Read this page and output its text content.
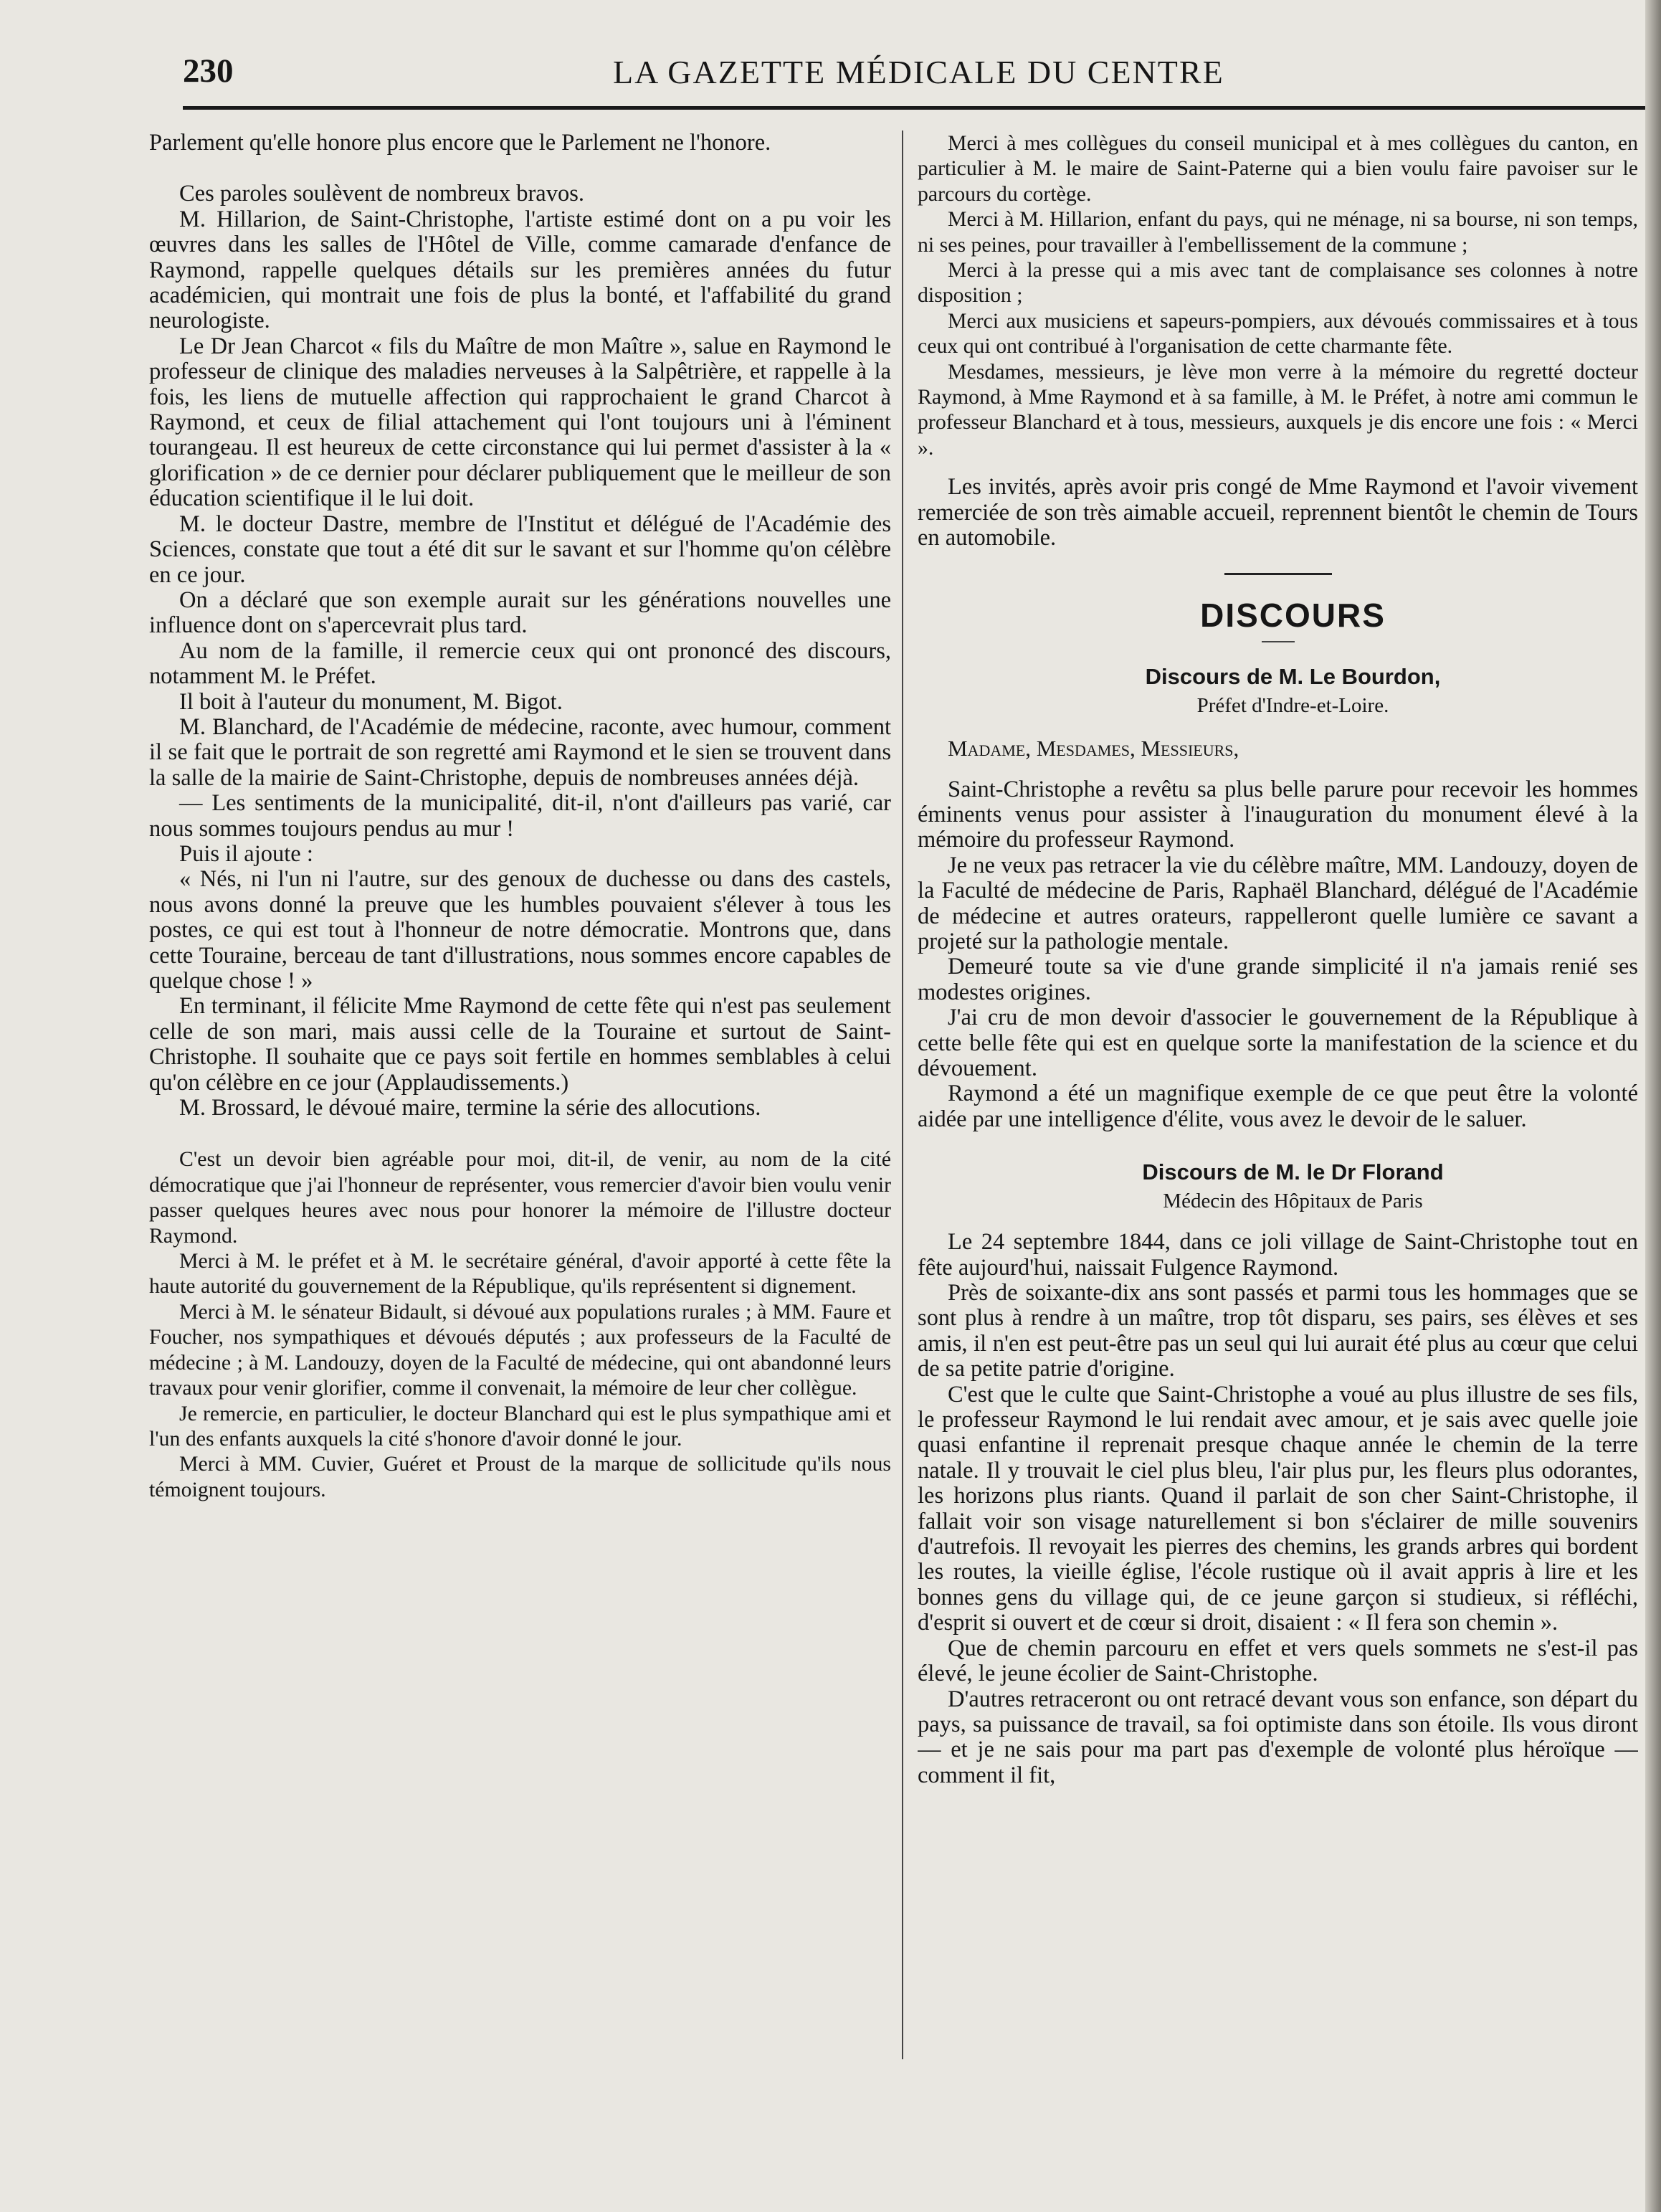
230	LA GAZETTE MÉDICALE DU CENTRE

Parlement qu'elle honore plus encore que le Parlement ne l'honore.

Ces paroles soulèvent de nombreux bravos.

M. Hillarion, de Saint-Christophe, l'artiste estimé dont on a pu voir les œuvres dans les salles de l'Hôtel de Ville, comme camarade d'enfance de Raymond, rappelle quelques détails sur les premières années du futur académicien, qui montrait une fois de plus la bonté, et l'affabilité du grand neurologiste.

Le Dr Jean Charcot « fils du Maître de mon Maître », salue en Raymond le professeur de clinique des maladies nerveuses à la Salpêtrière, et rappelle à la fois, les liens de mutuelle affection qui rapprochaient le grand Charcot à Raymond, et ceux de filial attachement qui l'ont toujours uni à l'éminent tourangeau. Il est heureux de cette circonstance qui lui permet d'assister à la « glorification » de ce dernier pour déclarer publiquement que le meilleur de son éducation scientifique il le lui doit.

M. le docteur Dastre, membre de l'Institut et délégué de l'Académie des Sciences, constate que tout a été dit sur le savant et sur l'homme qu'on célèbre en ce jour.

On a déclaré que son exemple aurait sur les générations nouvelles une influence dont on s'apercevrait plus tard.

Au nom de la famille, il remercie ceux qui ont prononcé des discours, notamment M. le Préfet.

Il boit à l'auteur du monument, M. Bigot.

M. Blanchard, de l'Académie de médecine, raconte, avec humour, comment il se fait que le portrait de son regretté ami Raymond et le sien se trouvent dans la salle de la mairie de Saint-Christophe, depuis de nombreuses années déjà.

— Les sentiments de la municipalité, dit-il, n'ont d'ailleurs pas varié, car nous sommes toujours pendus au mur !

Puis il ajoute :

« Nés, ni l'un ni l'autre, sur des genoux de duchesse ou dans des castels, nous avons donné la preuve que les humbles pouvaient s'élever à tous les postes, ce qui est tout à l'honneur de notre démocratie. Montrons que, dans cette Touraine, berceau de tant d'illustrations, nous sommes encore capables de quelque chose ! »

En terminant, il félicite Mme Raymond de cette fête qui n'est pas seulement celle de son mari, mais aussi celle de la Touraine et surtout de Saint-Christophe. Il souhaite que ce pays soit fertile en hommes semblables à celui qu'on célèbre en ce jour (Applaudissements.)

M. Brossard, le dévoué maire, termine la série des allocutions.

C'est un devoir bien agréable pour moi, dit-il, de venir, au nom de la cité démocratique que j'ai l'honneur de représenter, vous remercier d'avoir bien voulu venir passer quelques heures avec nous pour honorer la mémoire de l'illustre docteur Raymond.

Merci à M. le préfet et à M. le secrétaire général, d'avoir apporté à cette fête la haute autorité du gouvernement de la République, qu'ils représentent si dignement.

Merci à M. le sénateur Bidault, si dévoué aux populations rurales ; à MM. Faure et Foucher, nos sympathiques et dévoués députés ; aux professeurs de la Faculté de médecine ; à M. Landouzy, doyen de la Faculté de médecine, qui ont abandonné leurs travaux pour venir glorifier, comme il convenait, la mémoire de leur cher collègue.

Je remercie, en particulier, le docteur Blanchard qui est le plus sympathique ami et l'un des enfants auxquels la cité s'honore d'avoir donné le jour.

Merci à MM. Cuvier, Guéret et Proust de la marque de sollicitude qu'ils nous témoignent toujours.

Merci à mes collègues du conseil municipal et à mes collègues du canton, en particulier à M. le maire de Saint-Paterne qui a bien voulu faire pavoiser sur le parcours du cortège.

Merci à M. Hillarion, enfant du pays, qui ne ménage, ni sa bourse, ni son temps, ni ses peines, pour travailler à l'embellissement de la commune ;

Merci à la presse qui a mis avec tant de complaisance ses colonnes à notre disposition ;

Merci aux musiciens et sapeurs-pompiers, aux dévoués commissaires et à tous ceux qui ont contribué à l'organisation de cette charmante fête.

Mesdames, messieurs, je lève mon verre à la mémoire du regretté docteur Raymond, à Mme Raymond et à sa famille, à M. le Préfet, à notre ami commun le professeur Blanchard et à tous, messieurs, auxquels je dis encore une fois : « Merci ».

Les invités, après avoir pris congé de Mme Raymond et l'avoir vivement remerciée de son très aimable accueil, reprennent bientôt le chemin de Tours en automobile.

DISCOURS

Discours de M. Le Bourdon,

Préfet d'Indre-et-Loire.

Madame, Mesdames, Messieurs,

Saint-Christophe a revêtu sa plus belle parure pour recevoir les hommes éminents venus pour assister à l'inauguration du monument élevé à la mémoire du professeur Raymond.

Je ne veux pas retracer la vie du célèbre maître, MM. Landouzy, doyen de la Faculté de médecine de Paris, Raphaël Blanchard, délégué de l'Académie de médecine et autres orateurs, rappelleront quelle lumière ce savant a projeté sur la pathologie mentale.

Demeuré toute sa vie d'une grande simplicité il n'a jamais renié ses modestes origines.

J'ai cru de mon devoir d'associer le gouvernement de la République à cette belle fête qui est en quelque sorte la manifestation de la science et du dévouement.

Raymond a été un magnifique exemple de ce que peut être la volonté aidée par une intelligence d'élite, vous avez le devoir de le saluer.

Discours de M. le Dr Florand

Médecin des Hôpitaux de Paris

Le 24 septembre 1844, dans ce joli village de Saint-Christophe tout en fête aujourd'hui, naissait Fulgence Raymond.

Près de soixante-dix ans sont passés et parmi tous les hommages que se sont plus à rendre à un maître, trop tôt disparu, ses pairs, ses élèves et ses amis, il n'en est peut-être pas un seul qui lui aurait été plus au cœur que celui de sa petite patrie d'origine.

C'est que le culte que Saint-Christophe a voué au plus illustre de ses fils, le professeur Raymond le lui rendait avec amour, et je sais avec quelle joie quasi enfantine il reprenait presque chaque année le chemin de la terre natale. Il y trouvait le ciel plus bleu, l'air plus pur, les fleurs plus odorantes, les horizons plus riants. Quand il parlait de son cher Saint-Christophe, il fallait voir son visage naturellement si bon s'éclairer de mille souvenirs d'autrefois. Il revoyait les pierres des chemins, les grands arbres qui bordent les routes, la vieille église, l'école rustique où il avait appris à lire et les bonnes gens du village qui, de ce jeune garçon si studieux, si réfléchi, d'esprit si ouvert et de cœur si droit, disaient : « Il fera son chemin ».

Que de chemin parcouru en effet et vers quels sommets ne s'est-il pas élevé, le jeune écolier de Saint-Christophe.

D'autres retraceront ou ont retracé devant vous son enfance, son départ du pays, sa puissance de travail, sa foi optimiste dans son étoile. Ils vous diront — et je ne sais pour ma part pas d'exemple de volonté plus héroïque — comment il fit,
